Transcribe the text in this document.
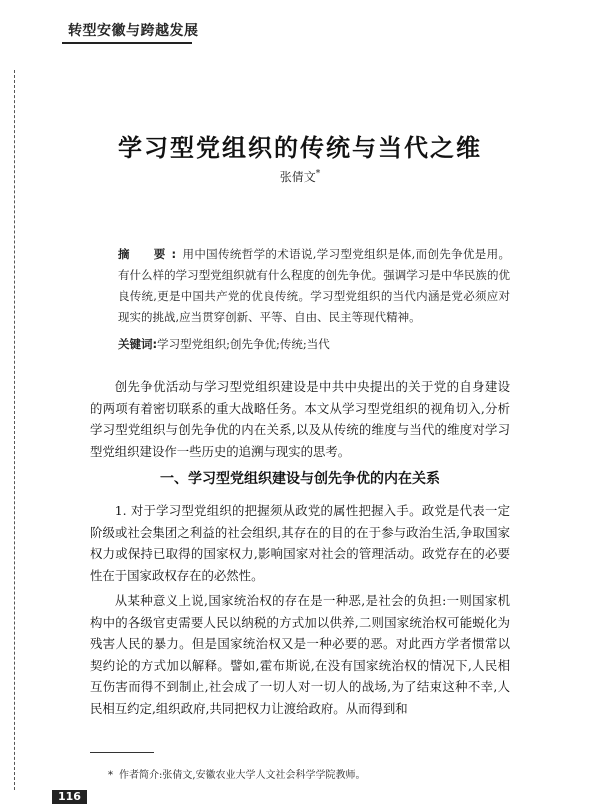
转型安徽与跨越发展
学习型党组织的传统与当代之维
张倩文*
摘　要:用中国传统哲学的术语说,学习型党组织是体,而创先争优是用。有什么样的学习型党组织就有什么程度的创先争优。强调学习是中华民族的优良传统,更是中国共产党的优良传统。学习型党组织的当代内涵是党必须应对现实的挑战,应当贯穿创新、平等、自由、民主等现代精神。
关键词:学习型党组织;创先争优;传统;当代
创先争优活动与学习型党组织建设是中共中央提出的关于党的自身建设的两项有着密切联系的重大战略任务。本文从学习型党组织的视角切入,分析学习型党组织与创先争优的内在关系,以及从传统的维度与当代的维度对学习型党组织建设作一些历史的追溯与现实的思考。
一、学习型党组织建设与创先争优的内在关系
1. 对于学习型党组织的把握须从政党的属性把握入手。政党是代表一定阶级或社会集团之利益的社会组织,其存在的目的在于参与政治生活,争取国家权力或保持已取得的国家权力,影响国家对社会的管理活动。政党存在的必要性在于国家政权存在的必然性。
从某种意义上说,国家统治权的存在是一种恶,是社会的负担:一则国家机构中的各级官吏需要人民以纳税的方式加以供养,二则国家统治权可能蜕化为残害人民的暴力。但是国家统治权又是一种必要的恶。对此西方学者惯常以契约论的方式加以解释。譬如,霍布斯说,在没有国家统治权的情况下,人民相互伤害而得不到制止,社会成了一切人对一切人的战场,为了结束这种不幸,人民相互约定,组织政府,共同把权力让渡给政府。从而得到和
* 作者简介:张倩文,安徽农业大学人文社会科学学院教师。
116
